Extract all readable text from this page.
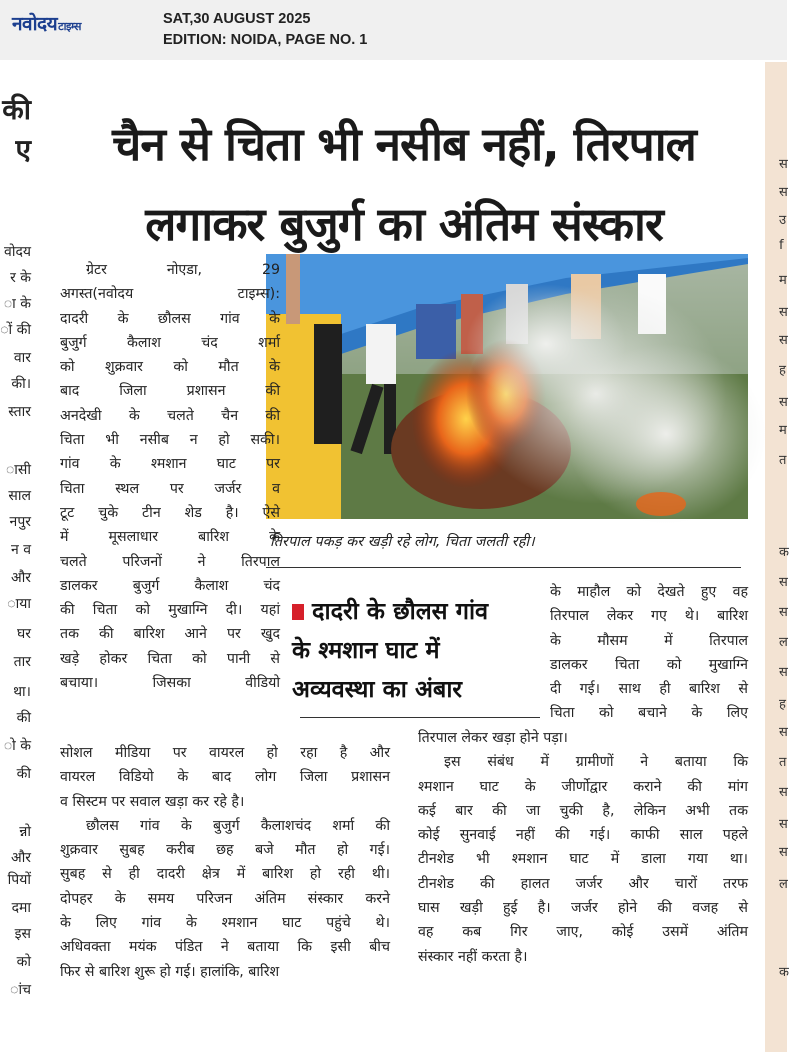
नवोदयटाइम्स	SAT,30 AUGUST 2025
EDITION: NOIDA, PAGE NO. 1
की
ए
वोदय
र के
ा के
ों की
वार
की।
स्तार
ासी
साल
नपुर
न व
और
ाया
घर
तार
था।
की
ो के
की
न्नो
और
पियों
दमा
इस
को
ांच
स
स
उ
f
म
स
स
ह
स
म
त
क
स
स
ल
स
ह
स
त
स
स
स
ल
क
चैन से चिता भी नसीब नहीं, तिरपाल
लगाकर बुजुर्ग का अंतिम संस्कार
तिरपाल पकड़ कर खड़ी रहे लोग, चिता जलती रही।

ग्रेटर नोएडा, 29

अगस्त(नवोदय टाइम्स):

दादरी के छौलस गांव के

बुजुर्ग कैलाश चंद शर्मा

को शुक्रवार को मौत के

बाद जिला प्रशासन की

अनदेखी के चलते चैन की

चिता भी नसीब न हो सकी।

गांव के श्मशान घाट पर

चिता स्थल पर जर्जर व

टूट चुके टीन शेड है। ऐसे

में मूसलाधार बारिश के

चलते परिजनों ने तिरपाल

डालकर बुजुर्ग कैलाश चंद

की चिता को मुखाग्नि दी। यहां

तक की बारिश आने पर खुद

खड़े होकर चिता को पानी से

बचाया। जिसका वीडियो

सोशल मीडिया पर वायरल हो रहा है और

वायरल विडियो के बाद लोग जिला प्रशासन

व सिस्टम पर सवाल खड़ा कर रहे है।

छौलस गांव के बुजुर्ग कैलाशचंद शर्मा की

शुक्रवार सुबह करीब छह बजे मौत हो गई।

सुबह से ही दादरी क्षेत्र में बारिश हो रही थी।

दोपहर के समय परिजन अंतिम संस्कार करने

के लिए गांव के श्मशान घाट पहुंचे थे।

अधिवक्ता मयंक पंडित ने बताया कि इसी बीच

फिर से बारिश शुरू हो गई। हालांकि, बारिश

दादरी के छौलस गांव
के श्मशान घाट में
अव्यवस्था का अंबार

के माहौल को देखते हुए वह

तिरपाल लेकर गए थे। बारिश

के मौसम में तिरपाल

डालकर चिता को मुखाग्नि

दी गई। साथ ही बारिश से

चिता को बचाने के लिए

तिरपाल लेकर खड़ा होने पड़ा।

इस संबंध में ग्रामीणों ने बताया कि

श्मशान घाट के जीर्णोद्वार कराने की मांग

कई बार की जा चुकी है, लेकिन अभी तक

कोई सुनवाई नहीं की गई। काफी साल पहले

टीनशेड भी श्मशान घाट में डाला गया था।

टीनशेड की हालत जर्जर और चारों तरफ

घास खड़ी हुई है। जर्जर होने की वजह से

वह कब गिर जाए, कोई उसमें अंतिम

संस्कार नहीं करता है।
